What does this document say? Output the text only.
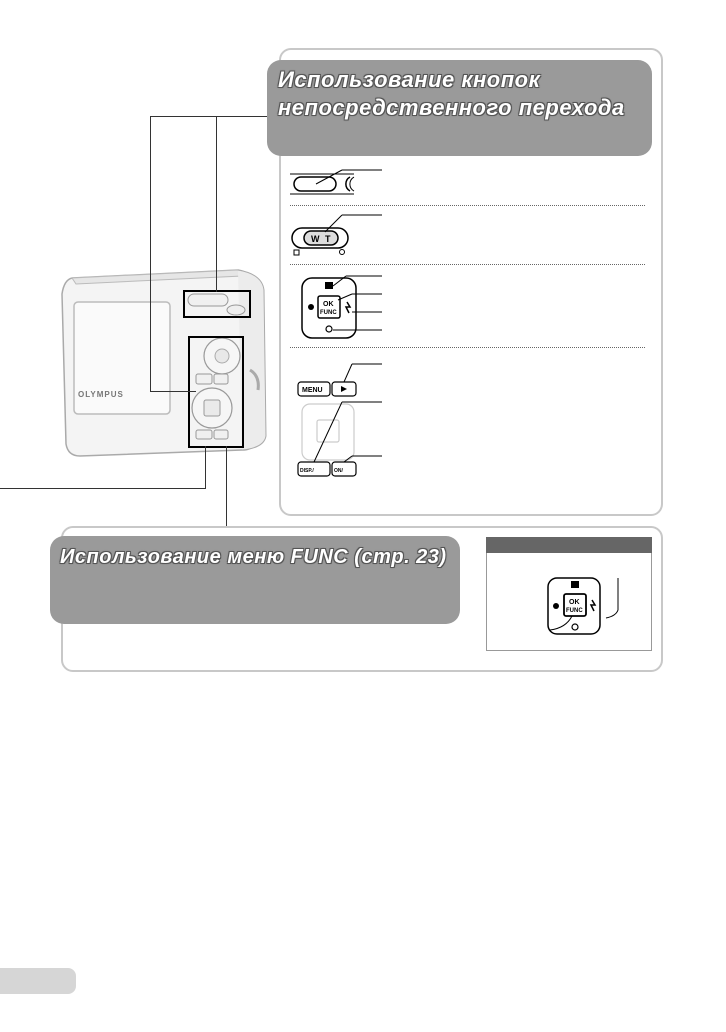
OLYMPUS
Использование кнопок
непосредственного перехода
W T
OK
FUNC
MENU
DISP./	ON/
Использование меню FUNC (стр. 23)
OK
FUNC
